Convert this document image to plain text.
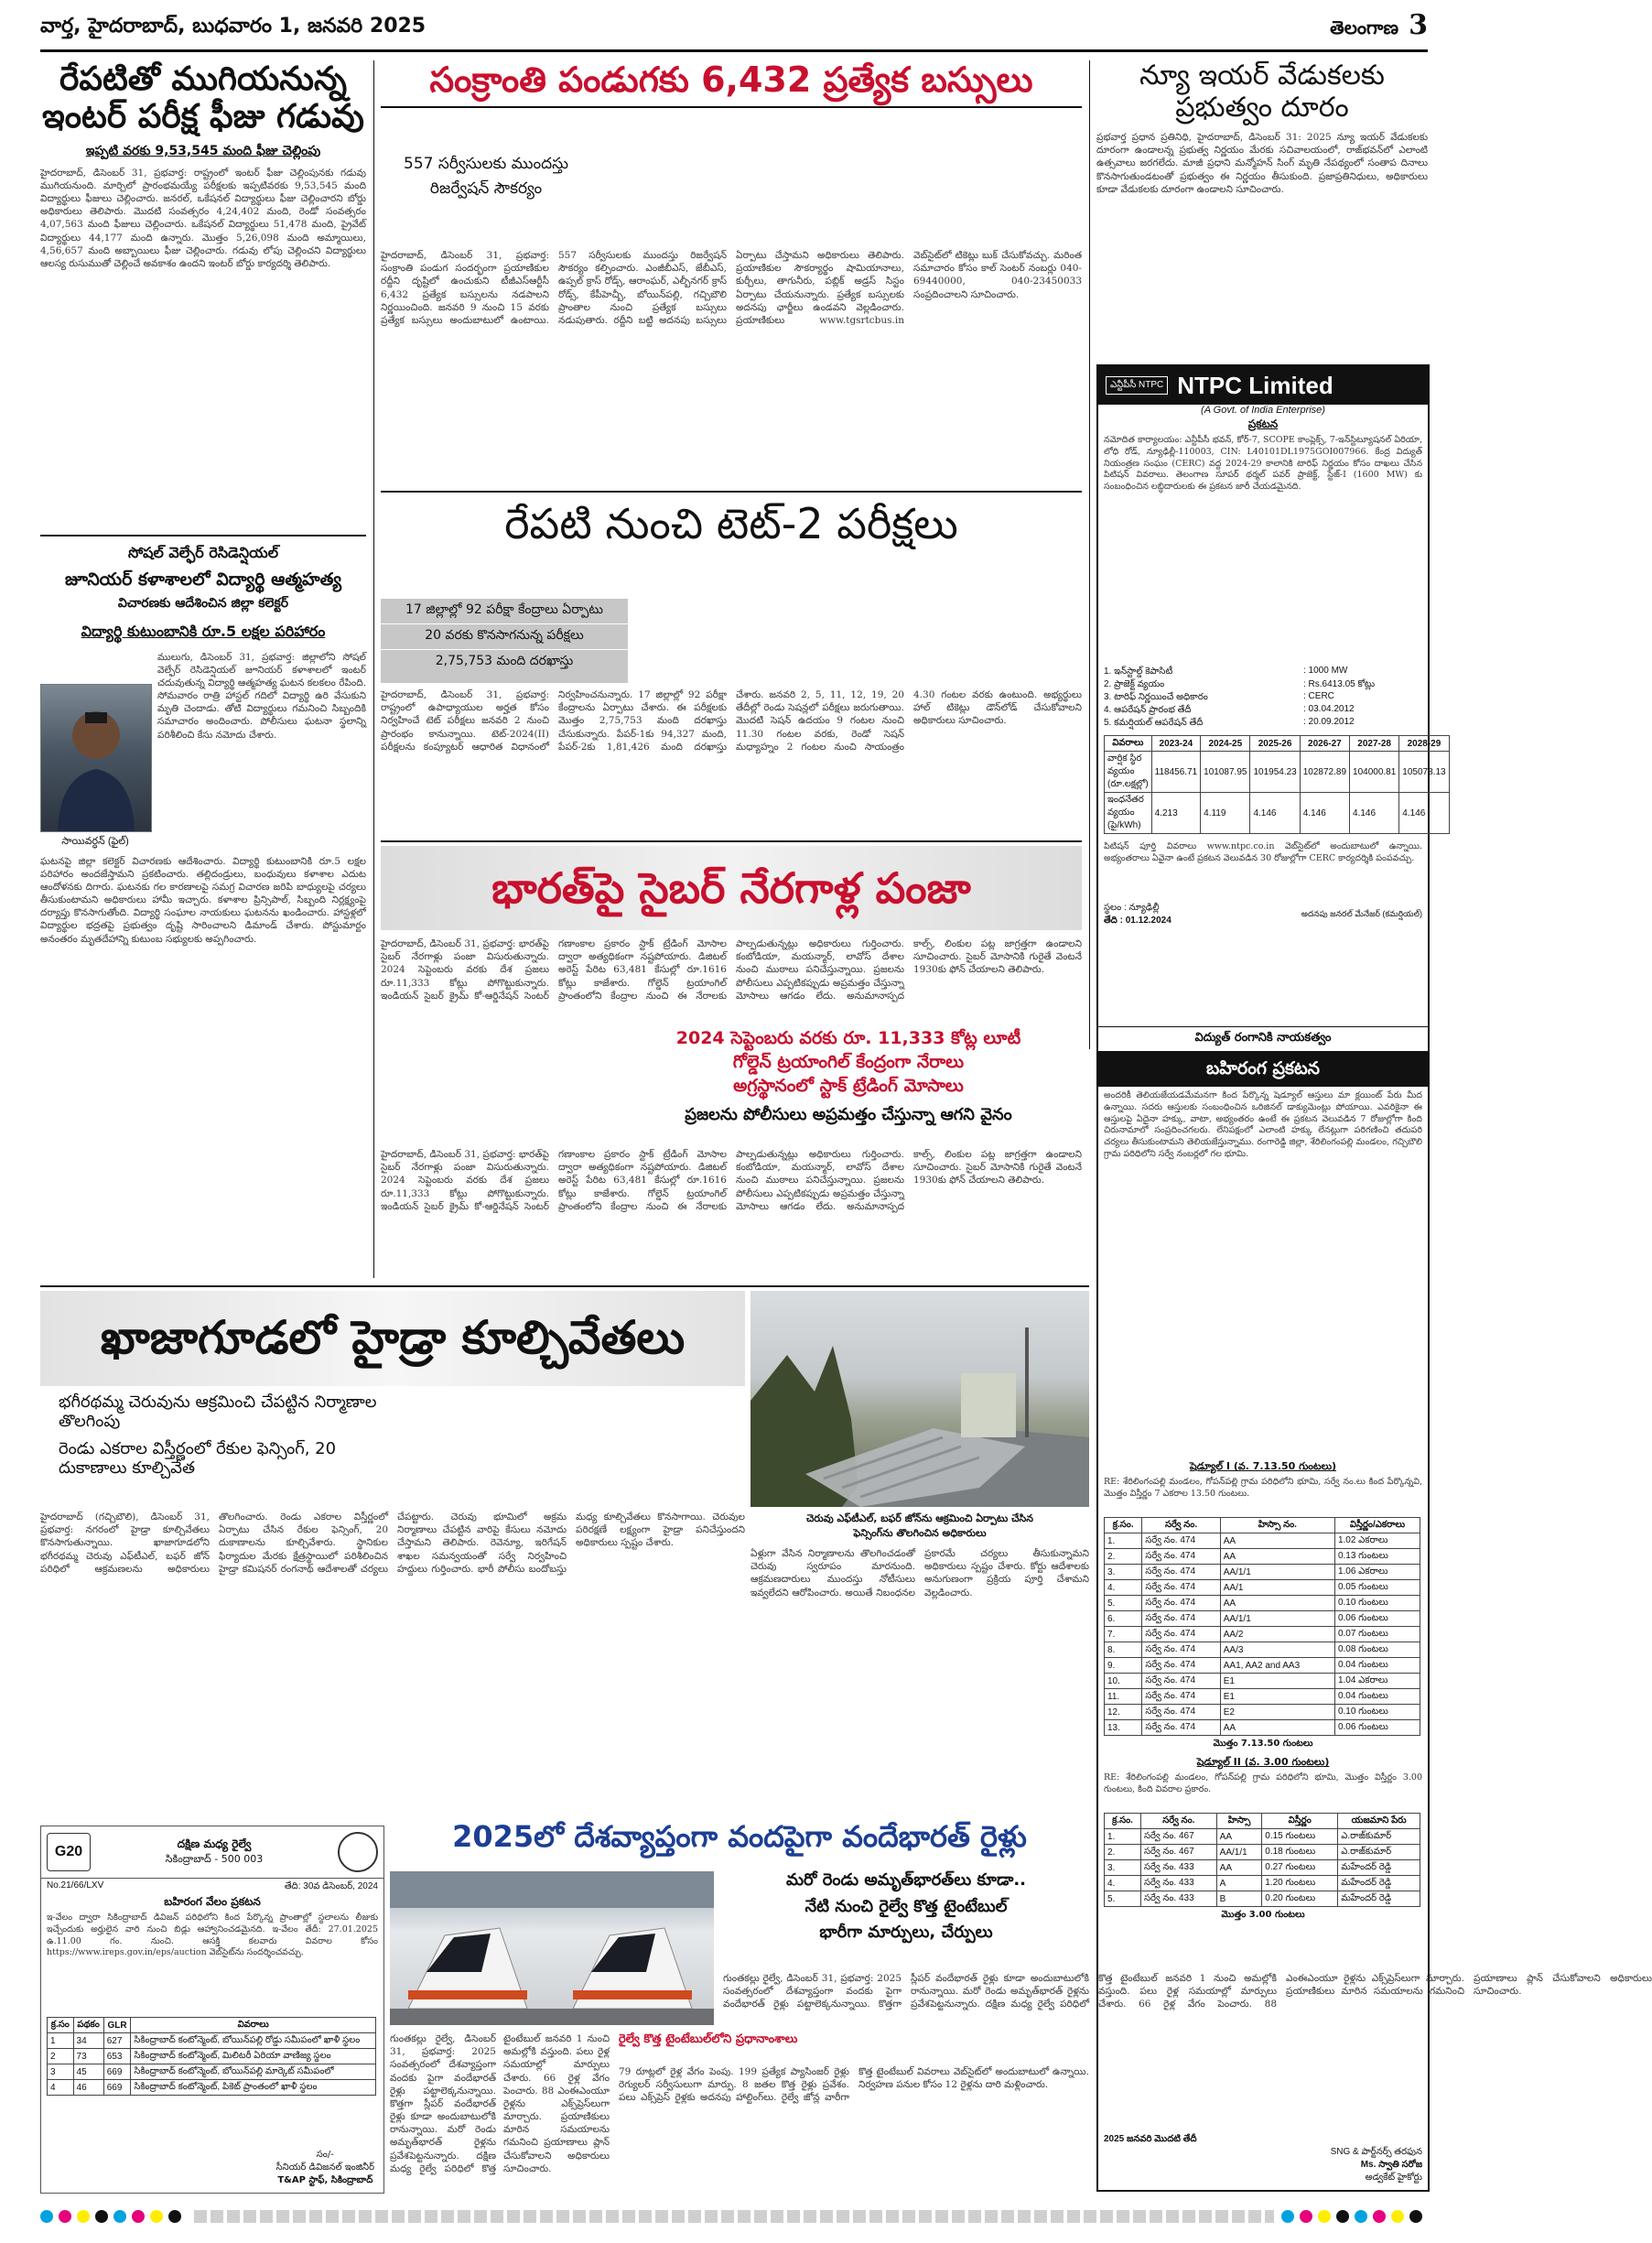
వార్త, హైదరాబాద్, బుధవారం 1, జనవరి 2025	తెలంగాణ 3
రేపటితో ముగియనున్న ఇంటర్ పరీక్ష ఫీజు గడువు
ఇప్పటి వరకు 9,53,545 మంది ఫీజు చెల్లింపు
హైదరాబాద్, డిసెంబర్ 31, ప్రభవార్త: రాష్ట్రంలో ఇంటర్ ఫీజు చెల్లింపునకు గడువు ముగియనుంది. మార్చిలో ప్రారంభమయ్యే పరీక్షలకు ఇప్పటివరకు 9,53,545 మంది విద్యార్థులు ఫీజులు చెల్లించారు. జనరల్, ఒకేషనల్ విద్యార్థులు ఫీజు చెల్లించారని బోర్డు అధికారులు తెలిపారు. మొదటి సంవత్సరం 4,24,402 మంది, రెండో సంవత్సరం 4,07,563 మంది ఫీజులు చెల్లించారు. ఒకేషనల్ విద్యార్థులు 51,478 మంది, ప్రైవేట్ విద్యార్థులు 44,177 మంది ఉన్నారు. మొత్తం 5,26,098 మంది అమ్మాయిలు, 4,56,657 మంది అబ్బాయిలు ఫీజు చెల్లించారు. గడువు లోపు చెల్లించని విద్యార్థులు ఆలస్య రుసుముతో చెల్లించే అవకాశం ఉందని ఇంటర్ బోర్డు కార్యదర్శి తెలిపారు.
సోషల్ వెల్ఫేర్ రెసిడెన్షియల్
జూనియర్ కళాశాలలో విద్యార్థి ఆత్మహత్య
విచారణకు ఆదేశించిన జిల్లా కలెక్టర్
విద్యార్థి కుటుంబానికి రూ.5 లక్షల పరిహారం
ములుగు, డిసెంబర్ 31, ప్రభవార్త: జిల్లాలోని సోషల్ వెల్ఫేర్ రెసిడెన్షియల్ జూనియర్ కళాశాలలో ఇంటర్ చదువుతున్న విద్యార్థి ఆత్మహత్య ఘటన కలకలం రేపింది. సోమవారం రాత్రి హాస్టల్ గదిలో విద్యార్థి ఉరి వేసుకుని మృతి చెందాడు. తోటి విద్యార్థులు గమనించి సిబ్బందికి సమాచారం అందించారు. పోలీసులు ఘటనా స్థలాన్ని పరిశీలించి కేసు నమోదు చేశారు.
సాయివర్ధన్ (ఫైల్)
ఘటనపై జిల్లా కలెక్టర్ విచారణకు ఆదేశించారు. విద్యార్థి కుటుంబానికి రూ.5 లక్షల పరిహారం అందజేస్తామని ప్రకటించారు. తల్లిదండ్రులు, బంధువులు కళాశాల ఎదుట ఆందోళనకు దిగారు. ఘటనకు గల కారణాలపై సమగ్ర విచారణ జరిపి బాధ్యులపై చర్యలు తీసుకుంటామని అధికారులు హామీ ఇచ్చారు. కళాశాల ప్రిన్సిపాల్, సిబ్బంది నిర్లక్ష్యంపై దర్యాప్తు కొనసాగుతోంది. విద్యార్థి సంఘాల నాయకులు ఘటనను ఖండించారు. హాస్టళ్లలో విద్యార్థుల భద్రతపై ప్రభుత్వం దృష్టి సారించాలని డిమాండ్ చేశారు. పోస్టుమార్టం అనంతరం మృతదేహాన్ని కుటుంబ సభ్యులకు అప్పగించారు.
సంక్రాంతి పండుగకు 6,432 ప్రత్యేక బస్సులు
557 సర్వీసులకు ముందస్తు రిజర్వేషన్ సౌకర్యం
హైదరాబాద్, డిసెంబర్ 31, ప్రభవార్త: సంక్రాంతి పండుగ సందర్భంగా ప్రయాణికుల రద్దీని దృష్టిలో ఉంచుకుని టీజీఎస్ఆర్టీసీ 6,432 ప్రత్యేక బస్సులను నడపాలని నిర్ణయించింది. జనవరి 9 నుంచి 15 వరకు ప్రత్యేక బస్సులు అందుబాటులో ఉంటాయి. 557 సర్వీసులకు ముందస్తు రిజర్వేషన్ సౌకర్యం కల్పించారు. ఎంజీబీఎస్, జేబీఎస్, ఉప్పల్ క్రాస్ రోడ్స్, ఆరాంఘర్, ఎల్బీనగర్ క్రాస్ రోడ్స్, కేపీహెచ్బీ, బోయిన్‌పల్లి, గచ్చిబౌలి ప్రాంతాల నుంచి ప్రత్యేక బస్సులు నడుపుతారు. రద్దీని బట్టి అదనపు బస్సులు ఏర్పాటు చేస్తామని అధికారులు తెలిపారు. ప్రయాణికుల సౌకర్యార్థం షామియానాలు, కుర్చీలు, తాగునీరు, పబ్లిక్ అడ్రస్ సిస్టం ఏర్పాటు చేయనున్నారు. ప్రత్యేక బస్సులకు అదనపు ఛార్జీలు ఉండవని వెల్లడించారు. ప్రయాణికులు www.tgsrtcbus.in వెబ్‌సైట్‌లో టికెట్లు బుక్ చేసుకోవచ్చు. మరింత సమాచారం కోసం కాల్ సెంటర్ నంబర్లు 040-69440000, 040-23450033 సంప్రదించాలని సూచించారు.
న్యూ ఇయర్ వేడుకలకు ప్రభుత్వం దూరం
ప్రభవార్త ప్రధాన ప్రతినిధి, హైదరాబాద్, డిసెంబర్ 31: 2025 న్యూ ఇయర్ వేడుకలకు దూరంగా ఉండాలన్న ప్రభుత్వ నిర్ణయం మేరకు సచివాలయంలో, రాజ్‌భవన్‌లో ఎలాంటి ఉత్సవాలు జరగలేదు. మాజీ ప్రధాని మన్మోహన్ సింగ్ మృతి నేపథ్యంలో సంతాప దినాలు కొనసాగుతుండటంతో ప్రభుత్వం ఈ నిర్ణయం తీసుకుంది. ప్రజాప్రతినిధులు, అధికారులు కూడా వేడుకలకు దూరంగా ఉండాలని సూచించారు.
ఎన్టీపీసీ NTPC NTPC Limited
(A Govt. of India Enterprise)
ప్రకటన
నమోదిత కార్యాలయం: ఎన్టీపీసీ భవన్, కోర్-7, SCOPE కాంప్లెక్స్, 7-ఇన్‌స్టిట్యూషనల్ ఏరియా, లోధి రోడ్, న్యూఢిల్లీ-110003, CIN: L40101DL1975GOI007966. కేంద్ర విద్యుత్ నియంత్రణ సంఘం (CERC) వద్ద 2024-29 కాలానికి టారిఫ్ నిర్ణయం కోసం దాఖలు చేసిన పిటిషన్ వివరాలు. తెలంగాణ సూపర్ థర్మల్ పవర్ ప్రాజెక్ట్, స్టేజ్-I (1600 MW) కు సంబంధించిన లబ్ధిదారులకు ఈ ప్రకటన జారీ చేయడమైనది.
1. ఇన్‌స్టాల్డ్ కెపాసిటీ	: 1000 MW
2. ప్రాజెక్ట్ వ్యయం	: Rs.6413.05 కోట్లు
3. టారిఫ్ నిర్ణయించే అధికారం	: CERC
4. ఆపరేషన్ ప్రారంభ తేదీ	: 03.04.2012
5. కమర్షియల్ ఆపరేషన్ తేదీ	: 20.09.2012
వివరాలు	2023-24	2024-25	2025-26	2026-27	2027-28	2028-29
వార్షిక స్థిర వ్యయం (రూ.లక్షల్లో)	118456.71	101087.95	101954.23	102872.89	104000.81	105078.13
ఇంధనేతర వ్యయం (పై/kWh)	4.213	4.119	4.146	4.146	4.146	4.146
పిటిషన్ పూర్తి వివరాలు www.ntpc.co.in వెబ్‌సైట్‌లో అందుబాటులో ఉన్నాయి. అభ్యంతరాలు ఏవైనా ఉంటే ప్రకటన వెలువడిన 30 రోజుల్లోగా CERC కార్యదర్శికి పంపవచ్చు.
స్థలం : న్యూఢిల్లీ
తేది : 01.12.2024
అదనపు జనరల్ మేనేజర్ (కమర్షియల్)
విద్యుత్ రంగానికి నాయకత్వం
రేపటి నుంచి టెట్-2 పరీక్షలు
17 జిల్లాల్లో 92 పరీక్షా కేంద్రాలు ఏర్పాటు
20 వరకు కొనసాగనున్న పరీక్షలు
2,75,753 మంది దరఖాస్తు
హైదరాబాద్, డిసెంబర్ 31, ప్రభవార్త: రాష్ట్రంలో ఉపాధ్యాయుల అర్హత కోసం నిర్వహించే టెట్ పరీక్షలు జనవరి 2 నుంచి ప్రారంభం కానున్నాయి. టెట్-2024(II) పరీక్షలను కంప్యూటర్ ఆధారిత విధానంలో నిర్వహించనున్నారు. 17 జిల్లాల్లో 92 పరీక్షా కేంద్రాలను ఏర్పాటు చేశారు. ఈ పరీక్షలకు మొత్తం 2,75,753 మంది దరఖాస్తు చేసుకున్నారు. పేపర్-1కు 94,327 మంది, పేపర్-2కు 1,81,426 మంది దరఖాస్తు చేశారు. జనవరి 2, 5, 11, 12, 19, 20 తేదీల్లో రెండు సెషన్లలో పరీక్షలు జరుగుతాయి. మొదటి సెషన్ ఉదయం 9 గంటల నుంచి 11.30 గంటల వరకు, రెండో సెషన్ మధ్యాహ్నం 2 గంటల నుంచి సాయంత్రం 4.30 గంటల వరకు ఉంటుంది. అభ్యర్థులు హాల్ టికెట్లు డౌన్‌లోడ్ చేసుకోవాలని అధికారులు సూచించారు.
భారత్‌పై సైబర్ నేరగాళ్ల పంజా
హైదరాబాద్, డిసెంబర్ 31, ప్రభవార్త: భారత్‌పై సైబర్ నేరగాళ్లు పంజా విసురుతున్నారు. 2024 సెప్టెంబరు వరకు దేశ ప్రజలు రూ.11,333 కోట్లు పోగొట్టుకున్నారు. ఇండియన్ సైబర్ క్రైమ్ కో-ఆర్డినేషన్ సెంటర్ గణాంకాల ప్రకారం స్టాక్ ట్రేడింగ్ మోసాల ద్వారా అత్యధికంగా నష్టపోయారు. డిజిటల్ అరెస్ట్ పేరిట 63,481 కేసుల్లో రూ.1616 కోట్లు కాజేశారు. గోల్డెన్ ట్రయాంగిల్ ప్రాంతంలోని కేంద్రాల నుంచి ఈ నేరాలకు పాల్పడుతున్నట్లు అధికారులు గుర్తించారు. కంబోడియా, మయన్మార్, లావోస్ దేశాల నుంచి ముఠాలు పనిచేస్తున్నాయి. ప్రజలను పోలీసులు ఎప్పటికప్పుడు అప్రమత్తం చేస్తున్నా మోసాలు ఆగడం లేదు. అనుమానాస్పద కాల్స్, లింకుల పట్ల జాగ్రత్తగా ఉండాలని సూచించారు. సైబర్ మోసానికి గురైతే వెంటనే 1930కు ఫోన్ చేయాలని తెలిపారు.
2024 సెప్టెంబరు వరకు రూ. 11,333 కోట్ల లూటీ
గోల్డెన్ ట్రయాంగిల్ కేంద్రంగా నేరాలు
అగ్రస్థానంలో స్టాక్ ట్రేడింగ్ మోసాలు
ప్రజలను పోలీసులు అప్రమత్తం చేస్తున్నా ఆగని వైనం
హైదరాబాద్, డిసెంబర్ 31, ప్రభవార్త: భారత్‌పై సైబర్ నేరగాళ్లు పంజా విసురుతున్నారు. 2024 సెప్టెంబరు వరకు దేశ ప్రజలు రూ.11,333 కోట్లు పోగొట్టుకున్నారు. ఇండియన్ సైబర్ క్రైమ్ కో-ఆర్డినేషన్ సెంటర్ గణాంకాల ప్రకారం స్టాక్ ట్రేడింగ్ మోసాల ద్వారా అత్యధికంగా నష్టపోయారు. డిజిటల్ అరెస్ట్ పేరిట 63,481 కేసుల్లో రూ.1616 కోట్లు కాజేశారు. గోల్డెన్ ట్రయాంగిల్ ప్రాంతంలోని కేంద్రాల నుంచి ఈ నేరాలకు పాల్పడుతున్నట్లు అధికారులు గుర్తించారు. కంబోడియా, మయన్మార్, లావోస్ దేశాల నుంచి ముఠాలు పనిచేస్తున్నాయి. ప్రజలను పోలీసులు ఎప్పటికప్పుడు అప్రమత్తం చేస్తున్నా మోసాలు ఆగడం లేదు. అనుమానాస్పద కాల్స్, లింకుల పట్ల జాగ్రత్తగా ఉండాలని సూచించారు. సైబర్ మోసానికి గురైతే వెంటనే 1930కు ఫోన్ చేయాలని తెలిపారు.
ఖాజాగూడలో హైడ్రా కూల్చివేతలు
భగీరథమ్మ చెరువును ఆక్రమించి చేపట్టిన నిర్మాణాల తొలగింపు
రెండు ఎకరాల విస్తీర్ణంలో రేకుల ఫెన్సింగ్, 20 దుకాణాలు కూల్చివేత
హైదరాబాద్ (గచ్చిబౌలి), డిసెంబర్ 31, ప్రభవార్త: నగరంలో హైడ్రా కూల్చివేతలు కొనసాగుతున్నాయి. ఖాజాగూడలోని భగీరథమ్మ చెరువు ఎఫ్‌టీఎల్, బఫర్ జోన్ పరిధిలో ఆక్రమణలను అధికారులు తొలగించారు. రెండు ఎకరాల విస్తీర్ణంలో ఏర్పాటు చేసిన రేకుల ఫెన్సింగ్, 20 దుకాణాలను కూల్చివేశారు. స్థానికుల ఫిర్యాదుల మేరకు క్షేత్రస్థాయిలో పరిశీలించిన హైడ్రా కమిషనర్ రంగనాథ్ ఆదేశాలతో చర్యలు చేపట్టారు. చెరువు భూమిలో అక్రమ నిర్మాణాలు చేపట్టిన వారిపై కేసులు నమోదు చేస్తామని తెలిపారు. రెవెన్యూ, ఇరిగేషన్ శాఖల సమన్వయంతో సర్వే నిర్వహించి హద్దులు గుర్తించారు. భారీ పోలీసు బందోబస్తు మధ్య కూల్చివేతలు కొనసాగాయి. చెరువుల పరిరక్షణే లక్ష్యంగా హైడ్రా పనిచేస్తుందని అధికారులు స్పష్టం చేశారు.
చెరువు ఎఫ్‌టీఎల్, బఫర్ జోన్‌ను ఆక్రమించి ఏర్పాటు చేసిన
ఫెన్సింగ్‌ను తొలగించిన అధికారులు
ఏళ్లుగా వేసిన నిర్మాణాలను తొలగించడంతో చెరువు స్వరూపం మారనుంది. ఆక్రమణదారులు ముందస్తు నోటీసులు ఇవ్వలేదని ఆరోపించారు. అయితే నిబంధనల ప్రకారమే చర్యలు తీసుకున్నామని అధికారులు స్పష్టం చేశారు. కోర్టు ఆదేశాలకు అనుగుణంగా ప్రక్రియ పూర్తి చేశామని వెల్లడించారు.
బహిరంగ ప్రకటన
అందరికీ తెలియజేయడమేమనగా కింద పేర్కొన్న షెడ్యూల్ ఆస్తులు మా క్లయింట్ పేరు మీద ఉన్నాయి. సదరు ఆస్తులకు సంబంధించిన ఒరిజినల్ డాక్యుమెంట్లు పోయాయి. ఎవరికైనా ఈ ఆస్తులపై ఏదైనా హక్కు, వాటా, అభ్యంతరం ఉంటే ఈ ప్రకటన వెలువడిన 7 రోజుల్లోగా కింది చిరునామాలో సంప్రదించగలరు. లేనిపక్షంలో ఎలాంటి హక్కు లేనట్లుగా పరిగణించి తదుపరి చర్యలు తీసుకుంటామని తెలియజేస్తున్నాము. రంగారెడ్డి జిల్లా, శేరిలింగంపల్లి మండలం, గచ్చిబౌలి గ్రామ పరిధిలోని సర్వే నంబర్లలో గల భూమి.
షెడ్యూల్ I (వ. 7.13.50 గుంటలు)
RE: శేరిలింగంపల్లి మండలం, గోపన్‌పల్లి గ్రామ పరిధిలోని భూమి, సర్వే నం.లు కింద పేర్కొన్నవి, మొత్తం విస్తీర్ణం 7 ఎకరాల 13.50 గుంటలు.
క్ర.సం.	సర్వే నం.	హిస్సా నం.	విస్తీర్ణం/ఎకరాలు
1.	సర్వే నం. 474	AA	1.02 ఎకరాలు
2.	సర్వే నం. 474	AA	0.13 గుంటలు
3.	సర్వే నం. 474	AA/1/1	1.06 ఎకరాలు
4.	సర్వే నం. 474	AA/1	0.05 గుంటలు
5.	సర్వే నం. 474	AA	0.10 గుంటలు
6.	సర్వే నం. 474	AA/1/1	0.06 గుంటలు
7.	సర్వే నం. 474	AA/2	0.07 గుంటలు
8.	సర్వే నం. 474	AA/3	0.08 గుంటలు
9.	సర్వే నం. 474	AA1, AA2 and AA3	0.04 గుంటలు
10.	సర్వే నం. 474	E1	1.04 ఎకరాలు
11.	సర్వే నం. 474	E1	0.04 గుంటలు
12.	సర్వే నం. 474	E2	0.10 గుంటలు
13.	సర్వే నం. 474	AA	0.06 గుంటలు
మొత్తం 7.13.50 గుంటలు
షెడ్యూల్ II (వ. 3.00 గుంటలు)
RE: శేరిలింగంపల్లి మండలం, గోపన్‌పల్లి గ్రామ పరిధిలోని భూమి, మొత్తం విస్తీర్ణం 3.00 గుంటలు, కింది వివరాల ప్రకారం.
క్ర.సం.	సర్వే నం.	హిస్సా	విస్తీర్ణం	యజమాని పేరు
1.	సర్వే నం. 467	AA	0.15 గుంటలు	ఎ.రాజ్‌కుమార్
2.	సర్వే నం. 467	AA/1/1	0.18 గుంటలు	ఎ.రాజ్‌కుమార్
3.	సర్వే నం. 433	AA	0.27 గుంటలు	మహేందర్ రెడ్డి
4.	సర్వే నం. 433	A	1.20 గుంటలు	మహేందర్ రెడ్డి
5.	సర్వే నం. 433	B	0.20 గుంటలు	మహేందర్ రెడ్డి
మొత్తం 3.00 గుంటలు
2025 జనవరి మొదటి తేదీ
SNG & పార్ట్‌నర్స్ తరఫున
Ms. స్వాతి సరోజ
అడ్వకేట్ హైకోర్టు
G20
దక్షిణ మధ్య రైల్వే
సికింద్రాబాద్ - 500 003
No.21/66/LXV	తేది: 30వ డిసెంబర్, 2024
బహిరంగ వేలం ప్రకటన
ఇ-వేలం ద్వారా సికింద్రాబాద్ డివిజన్ పరిధిలోని కింద పేర్కొన్న ప్రాంతాల్లో స్థలాలను లీజుకు ఇచ్చేందుకు అర్హులైన వారి నుంచి బిడ్లు ఆహ్వానించడమైనది. ఇ-వేలం తేదీ: 27.01.2025 ఉ.11.00 గం. నుంచి. ఆసక్తి కలవారు వివరాల కోసం https://www.ireps.gov.in/eps/auction వెబ్‌సైట్‌ను సందర్శించవచ్చు.
క్ర.సం	పథకం	GLR	వివరాలు
1	34	627	సికింద్రాబాద్ కంటోన్మెంట్, బోయిన్‌పల్లి రోడ్డు సమీపంలో ఖాళీ స్థలం
2	73	653	సికింద్రాబాద్ కంటోన్మెంట్, మిలిటరీ ఏరియా వాణిజ్య స్థలం
3	45	669	సికింద్రాబాద్ కంటోన్మెంట్, బోయిన్‌పల్లి మార్కెట్ సమీపంలో
4	46	669	సికింద్రాబాద్ కంటోన్మెంట్, పికెట్ ప్రాంతంలో ఖాళీ స్థలం
సం/-
సీనియర్ డివిజనల్ ఇంజినీర్
T&AP స్టాఫ్, సికింద్రాబాద్
2025లో దేశవ్యాప్తంగా వందపైగా వందేభారత్ రైళ్లు
మరో రెండు అమృత్‌భారత్‌లు కూడా..
నేటి నుంచి రైల్వే కొత్త టైంటేబుల్
భారీగా మార్పులు, చేర్పులు
గుంతకల్లు రైల్వే, డిసెంబర్ 31, ప్రభవార్త: 2025 సంవత్సరంలో దేశవ్యాప్తంగా వందకు పైగా వందేభారత్ రైళ్లు పట్టాలెక్కనున్నాయి. కొత్తగా స్లీపర్ వందేభారత్ రైళ్లు కూడా అందుబాటులోకి రానున్నాయి. మరో రెండు అమృత్‌భారత్ రైళ్లను ప్రవేశపెట్టనున్నారు. దక్షిణ మధ్య రైల్వే పరిధిలో కొత్త టైంటేబుల్ జనవరి 1 నుంచి అమల్లోకి వస్తుంది. పలు రైళ్ల సమయాల్లో మార్పులు చేశారు. 66 రైళ్ల వేగం పెంచారు. 88 ఎంఈఎంయూ రైళ్లను ఎక్స్‌ప్రెస్‌లుగా మార్చారు. ప్రయాణికులు మారిన సమయాలను గమనించి ప్రయాణాలు ప్లాన్ చేసుకోవాలని అధికారులు సూచించారు.
గుంతకల్లు రైల్వే, డిసెంబర్ 31, ప్రభవార్త: 2025 సంవత్సరంలో దేశవ్యాప్తంగా వందకు పైగా వందేభారత్ రైళ్లు పట్టాలెక్కనున్నాయి. కొత్తగా స్లీపర్ వందేభారత్ రైళ్లు కూడా అందుబాటులోకి రానున్నాయి. మరో రెండు అమృత్‌భారత్ రైళ్లను ప్రవేశపెట్టనున్నారు. దక్షిణ మధ్య రైల్వే పరిధిలో కొత్త టైంటేబుల్ జనవరి 1 నుంచి అమల్లోకి వస్తుంది. పలు రైళ్ల సమయాల్లో మార్పులు చేశారు. 66 రైళ్ల వేగం పెంచారు. 88 ఎంఈఎంయూ రైళ్లను ఎక్స్‌ప్రెస్‌లుగా మార్చారు. ప్రయాణికులు మారిన సమయాలను గమనించి ప్రయాణాలు ప్లాన్ చేసుకోవాలని అధికారులు సూచించారు.
రైల్వే కొత్త టైంటేబుల్‌లోని ప్రధానాంశాలు
79 రూట్లలో రైళ్ల వేగం పెంపు. 199 ప్రత్యేక ప్యాసింజర్ రైళ్లు రెగ్యులర్ సర్వీసులుగా మార్పు. 8 జతల కొత్త రైళ్లు ప్రవేశం. పలు ఎక్స్‌ప్రెస్ రైళ్లకు అదనపు హాల్టింగ్‌లు. రైల్వే జోన్ల వారీగా కొత్త టైంటేబుల్ వివరాలు వెబ్‌సైట్‌లో అందుబాటులో ఉన్నాయి. నిర్వహణ పనుల కోసం 12 రైళ్లను దారి మళ్లించారు.
